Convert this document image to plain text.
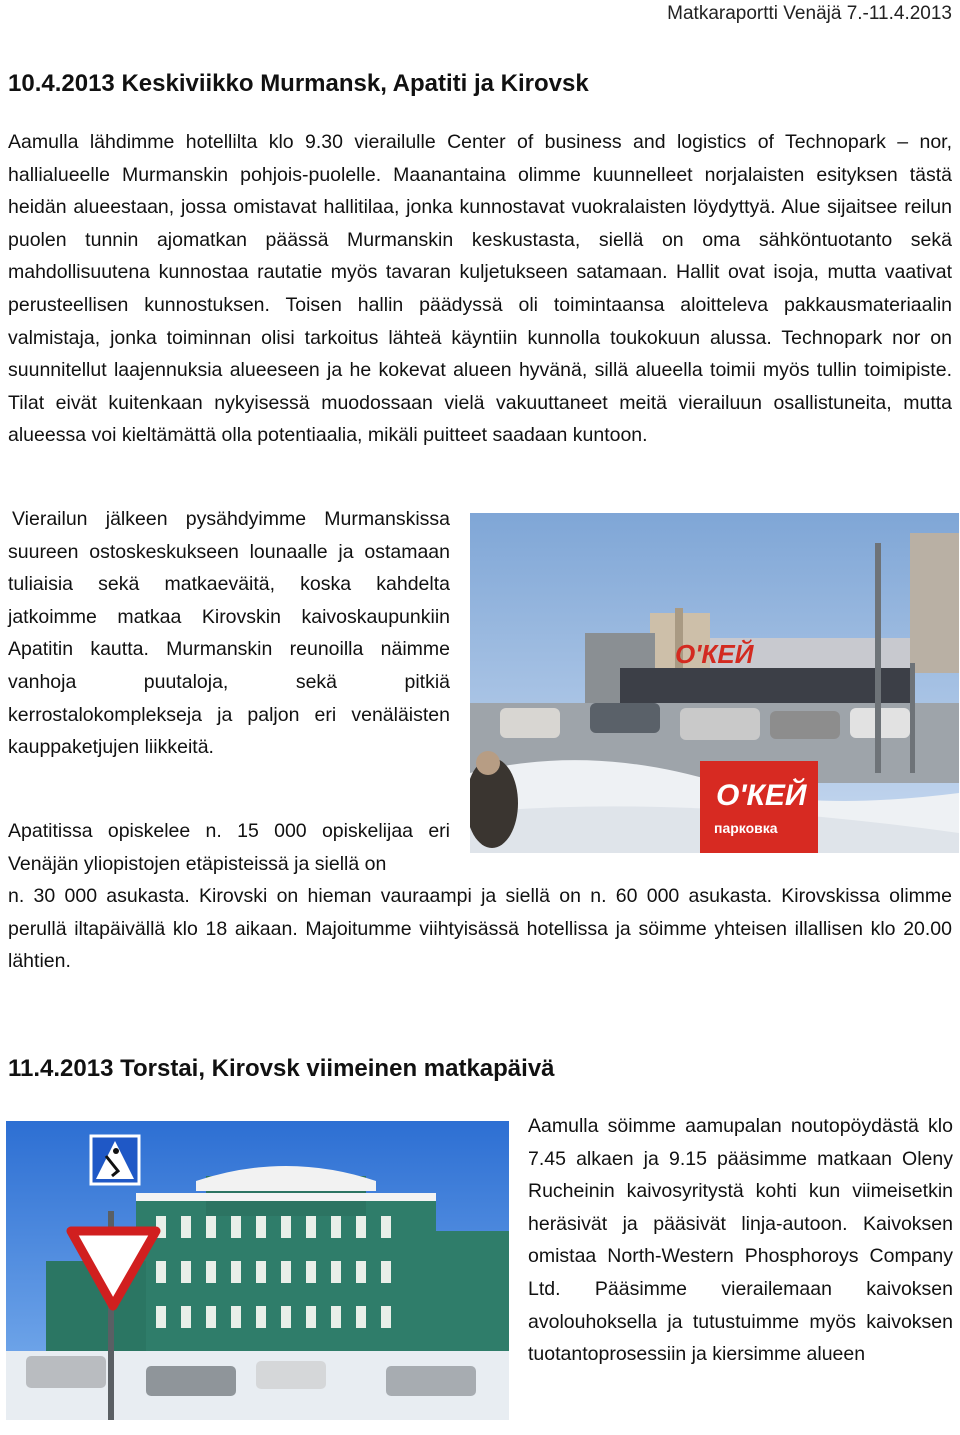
Matkaraportti Venäjä 7.-11.4.2013
10.4.2013 Keskiviikko Murmansk, Apatiti ja Kirovsk

Aamulla lähdimme hotellilta klo 9.30 vierailulle Center of business and logistics of Technopark – nor, hallialueelle Murmanskin pohjois-puolelle. Maanantaina olimme kuunnelleet norjalaisten esityksen tästä heidän alueestaan, jossa omistavat hallitilaa, jonka kunnostavat vuokralaisten löydyttyä. Alue sijaitsee reilun puolen tunnin ajomatkan päässä Murmanskin keskustasta, siellä on oma sähköntuotanto sekä mahdollisuutena kunnostaa rautatie myös tavaran kuljetukseen satamaan. Hallit ovat isoja, mutta vaativat perusteellisen kunnostuksen. Toisen hallin päädyssä oli toimintaansa aloitteleva pakkausmateriaalin valmistaja, jonka toiminnan olisi tarkoitus lähteä käyntiin kunnolla toukokuun alussa. Technopark nor on suunnitellut laajennuksia alueeseen ja he kokevat alueen hyvänä, sillä alueella toimii myös tullin toimipiste. Tilat eivät kuitenkaan nykyisessä muodossaan vielä vakuuttaneet meitä vierailuun osallistuneita, mutta alueessa voi kieltämättä olla potentiaalia, mikäli puitteet saadaan kuntoon.

Vierailun jälkeen pysähdyimme Murmanskissa suureen ostoskeskukseen lounaalle ja ostamaan tuliaisia sekä matkaeväitä, koska kahdelta jatkoimme matkaa Kirovskin kaivoskaupunkiin Apatitin kautta. Murmanskin reunoilla näimme vanhoja puutaloja, sekä pitkiä kerrostalokomplekseja ja paljon eri venäläisten kauppaketjujen liikkeitä.

О'КЕЙ
О'КЕЙ
парковка

Apatitissa opiskelee n. 15 000 opiskelijaa eri Venäjän yliopistojen etäpisteissä ja siellä on

n. 30 000 asukasta. Kirovski on hieman vauraampi ja siellä on n. 60 000 asukasta. Kirovskissa olimme perullä iltapäivällä klo 18 aikaan. Majoitumme viihtyisässä hotellissa ja söimme yhteisen illallisen klo 20.00 lähtien.

11.4.2013 Torstai, Kirovsk viimeinen matkapäivä

Aamulla söimme aamupalan noutopöydästä klo 7.45 alkaen ja 9.15 pääsimme matkaan Oleny Rucheinin kaivosyritystä kohti kun viimeisetkin heräsivät ja pääsivät linja-autoon. Kaivoksen omistaa North-Western Phosphoroys Company Ltd. Pääsimme vierailemaan kaivoksen avolouhoksella ja tutustuimme myös kaivoksen tuotantoprosessiin ja kiersimme alueen
